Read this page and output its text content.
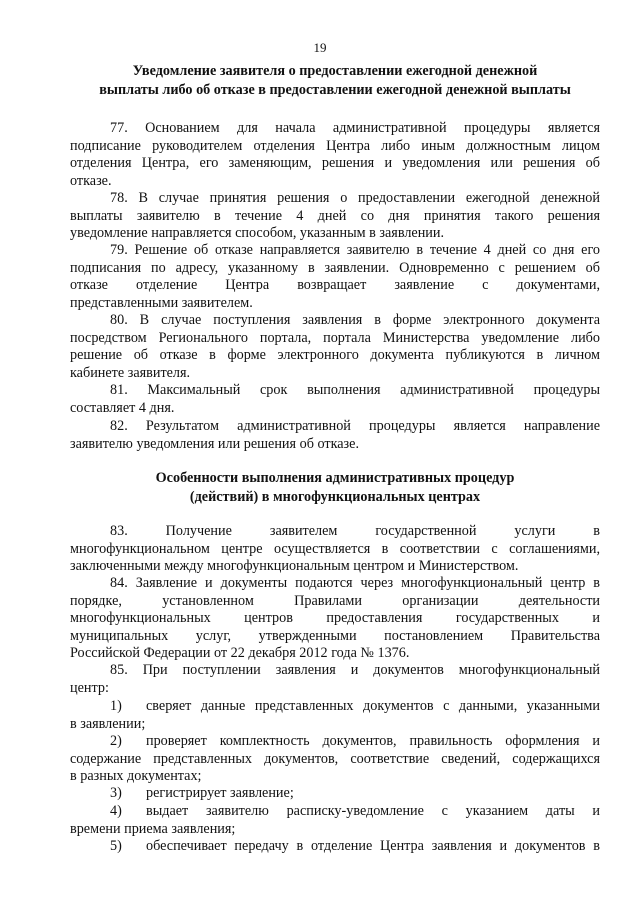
19
Уведомление заявителя о предоставлении ежегодной денежной
выплаты либо об отказе в предоставлении ежегодной денежной выплаты
77. Основанием для начала административной процедуры является
подписание руководителем отделения Центра либо иным должностным лицом
отделения Центра, его заменяющим, решения и уведомления или решения об
отказе.
78. В случае принятия решения о предоставлении ежегодной денежной
выплаты заявителю в течение 4 дней со дня принятия такого решения
уведомление направляется способом, указанным в заявлении.
79. Решение об отказе направляется заявителю в течение 4 дней со дня его
подписания по адресу, указанному в заявлении. Одновременно с решением об
отказе отделение Центра возвращает заявление с документами,
представленными заявителем.
80. В случае поступления заявления в форме электронного документа
посредством Регионального портала, портала Министерства уведомление либо
решение об отказе в форме электронного документа публикуются в личном
кабинете заявителя.
81. Максимальный срок выполнения административной процедуры
составляет 4 дня.
82. Результатом административной процедуры является направление
заявителю уведомления или решения об отказе.
Особенности выполнения административных процедур
(действий) в многофункциональных центрах
83. Получение заявителем государственной услуги в
многофункциональном центре осуществляется в соответствии с соглашениями,
заключенными между многофункциональным центром и Министерством.
84. Заявление и документы подаются через многофункциональный центр в
порядке, установленном Правилами организации деятельности
многофункциональных центров предоставления государственных и
муниципальных услуг, утвержденными постановлением Правительства
Российской Федерации от 22 декабря 2012 года № 1376.
85. При поступлении заявления и документов многофункциональный
центр:
1)	сверяет данные представленных документов с данными, указанными
в заявлении;
2)	проверяет комплектность документов, правильность оформления и
содержание представленных документов, соответствие сведений, содержащихся
в разных документах;
3)	регистрирует заявление;
4)	выдает заявителю расписку-уведомление с указанием даты и
времени приема заявления;
5)	обеспечивает передачу в отделение Центра заявления и документов в
